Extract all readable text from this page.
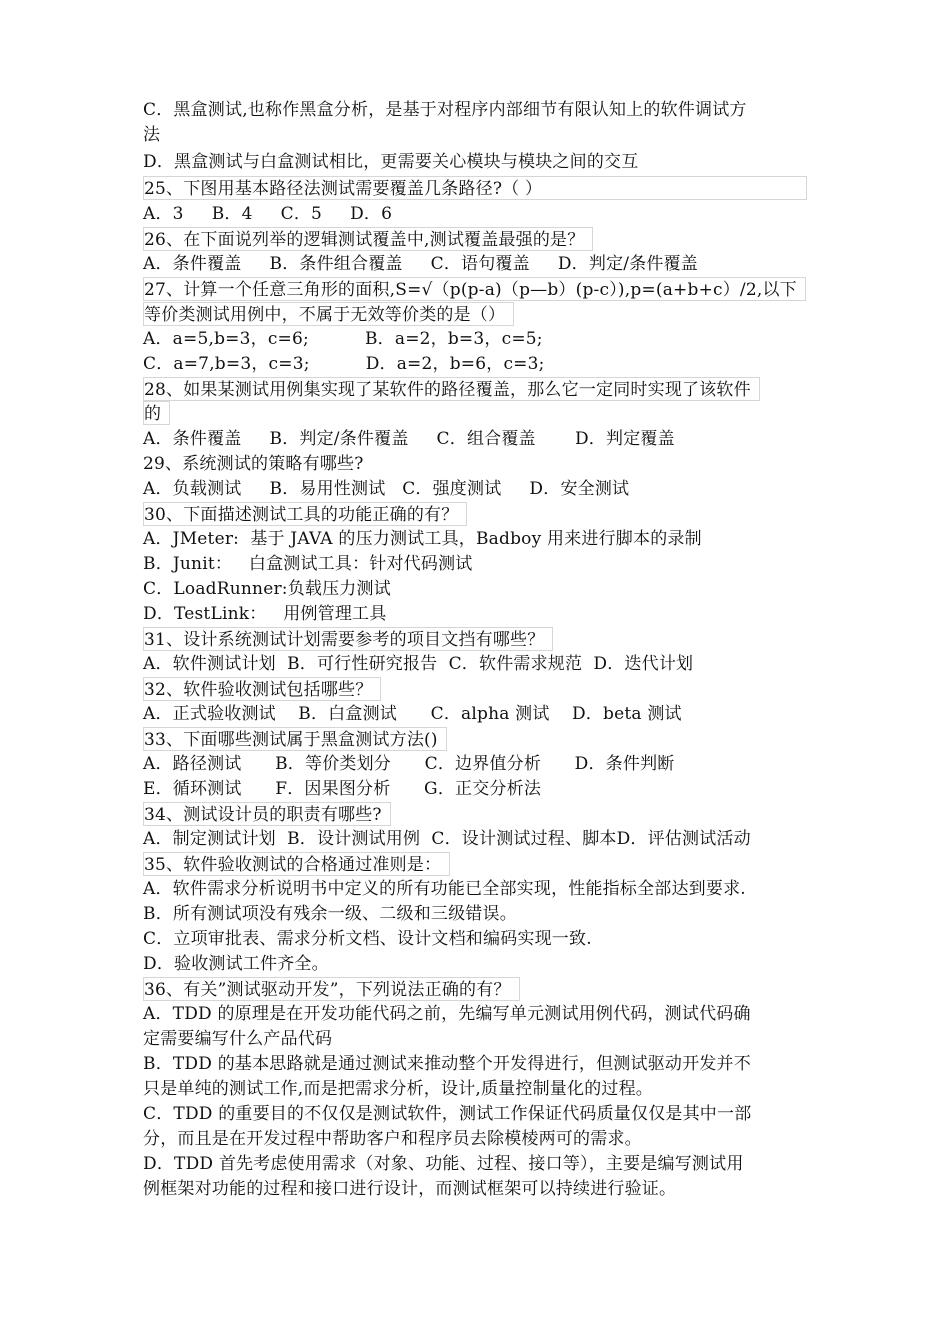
C．黑盒测试,也称作黑盒分析，是基于对程序内部细节有限认知上的软件调试方
法
D．黑盒测试与白盒测试相比，更需要关心模块与模块之间的交互
25、下图用基本路径法测试需要覆盖几条路径?（ ）
A．3     B．4     C．5     D．6
26、在下面说列举的逻辑测试覆盖中,测试覆盖最强的是？
A．条件覆盖     B．条件组合覆盖     C．语句覆盖     D．判定/条件覆盖
27、计算一个任意三角形的面积,S=√（p(p-a)（p—b）(p-c）),p=(a+b+c）/2,以下
等价类测试用例中，不属于无效等价类的是（）
A．a=5,b=3，c=6;          B．a=2，b=3，c=5;
C．a=7,b=3，c=3;          D．a=2，b=6，c=3;
28、如果某测试用例集实现了某软件的路径覆盖，那么它一定同时实现了该软件
的
A．条件覆盖     B．判定/条件覆盖     C．组合覆盖       D．判定覆盖
29、系统测试的策略有哪些?
A．负载测试     B．易用性测试   C．强度测试     D．安全测试
30、下面描述测试工具的功能正确的有？
A．JMeter:  基于 JAVA 的压力测试工具，Badboy 用来进行脚本的录制
B．Junit：   白盒测试工具：针对代码测试
C．LoadRunner:负载压力测试
D．TestLink：   用例管理工具
31、设计系统测试计划需要参考的项目文挡有哪些？
A．软件测试计划  B．可行性研究报告  C．软件需求规范  D．迭代计划
32、软件验收测试包括哪些？
A．正式验收测试    B．白盒测试      C．alpha 测试    D．beta 测试
33、下面哪些测试属于黑盒测试方法()
A．路径测试      B．等价类划分      C．边界值分析      D．条件判断
E．循环测试      F．因果图分析      G．正交分析法
34、测试设计员的职责有哪些?
A．制定测试计划  B．设计测试用例  C．设计测试过程、脚本D．评估测试活动
35、软件验收测试的合格通过准则是：
A．软件需求分析说明书中定义的所有功能已全部实现，性能指标全部达到要求.
B．所有测试项没有残余一级、二级和三级错误。
C．立项审批表、需求分析文档、设计文档和编码实现一致.
D．验收测试工件齐全。
36、有关”测试驱动开发”，下列说法正确的有？
A．TDD 的原理是在开发功能代码之前，先编写单元测试用例代码，测试代码确
定需要编写什么产品代码
B．TDD 的基本思路就是通过测试来推动整个开发得进行，但测试驱动开发并不
只是单纯的测试工作,而是把需求分析，设计,质量控制量化的过程。
C．TDD 的重要目的不仅仅是测试软件，测试工作保证代码质量仅仅是其中一部
分，而且是在开发过程中帮助客户和程序员去除模棱两可的需求。
D．TDD 首先考虑使用需求（对象、功能、过程、接口等），主要是编写测试用
例框架对功能的过程和接口进行设计，而测试框架可以持续进行验证。
